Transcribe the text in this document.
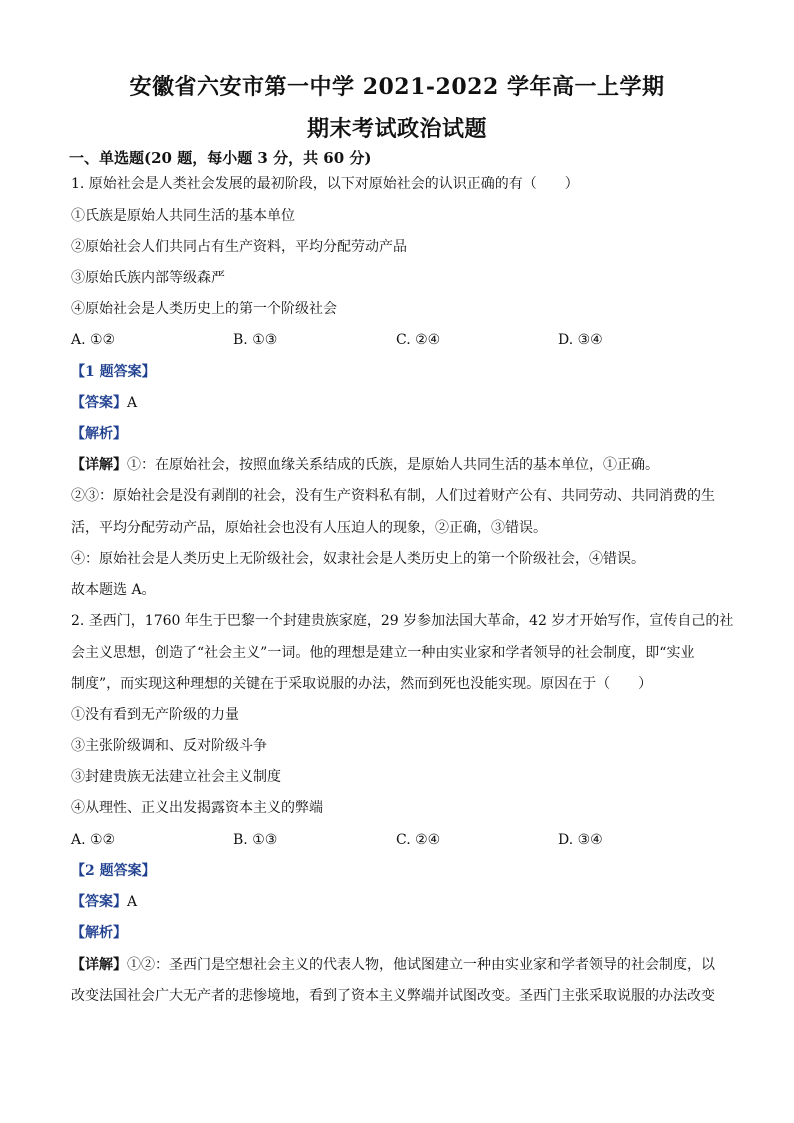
安徽省六安市第一中学 2021-2022 学年高一上学期
期末考试政治试题
一、单选题(20 题，每小题 3 分，共 60 分)
1. 原始社会是人类社会发展的最初阶段，以下对原始社会的认识正确的有（　　）
①氏族是原始人共同生活的基本单位
②原始社会人们共同占有生产资料，平均分配劳动产品
③原始氏族内部等级森严
④原始社会是人类历史上的第一个阶级社会
A. ①②	B. ①③	C. ②④	D. ③④
【1 题答案】
【答案】A
【解析】
【详解】①：在原始社会，按照血缘关系结成的氏族，是原始人共同生活的基本单位，①正确。
②③：原始社会是没有剥削的社会，没有生产资料私有制，人们过着财产公有、共同劳动、共同消费的生
活，平均分配劳动产品，原始社会也没有人压迫人的现象，②正确，③错误。
④：原始社会是人类历史上无阶级社会，奴隶社会是人类历史上的第一个阶级社会，④错误。
故本题选 A。
2. 圣西门，1760 年生于巴黎一个封建贵族家庭，29 岁参加法国大革命，42 岁才开始写作，宣传自己的社
会主义思想，创造了“社会主义”一词。他的理想是建立一种由实业家和学者领导的社会制度，即“实业
制度”，而实现这种理想的关键在于采取说服的办法，然而到死也没能实现。原因在于（　　）
①没有看到无产阶级的力量
③主张阶级调和、反对阶级斗争
③封建贵族无法建立社会主义制度
④从理性、正义出发揭露资本主义的弊端
A. ①②	B. ①③	C. ②④	D. ③④
【2 题答案】
【答案】A
【解析】
【详解】①②：圣西门是空想社会主义的代表人物，他试图建立一种由实业家和学者领导的社会制度，以
改变法国社会广大无产者的悲惨境地，看到了资本主义弊端并试图改变。圣西门主张采取说服的办法改变
